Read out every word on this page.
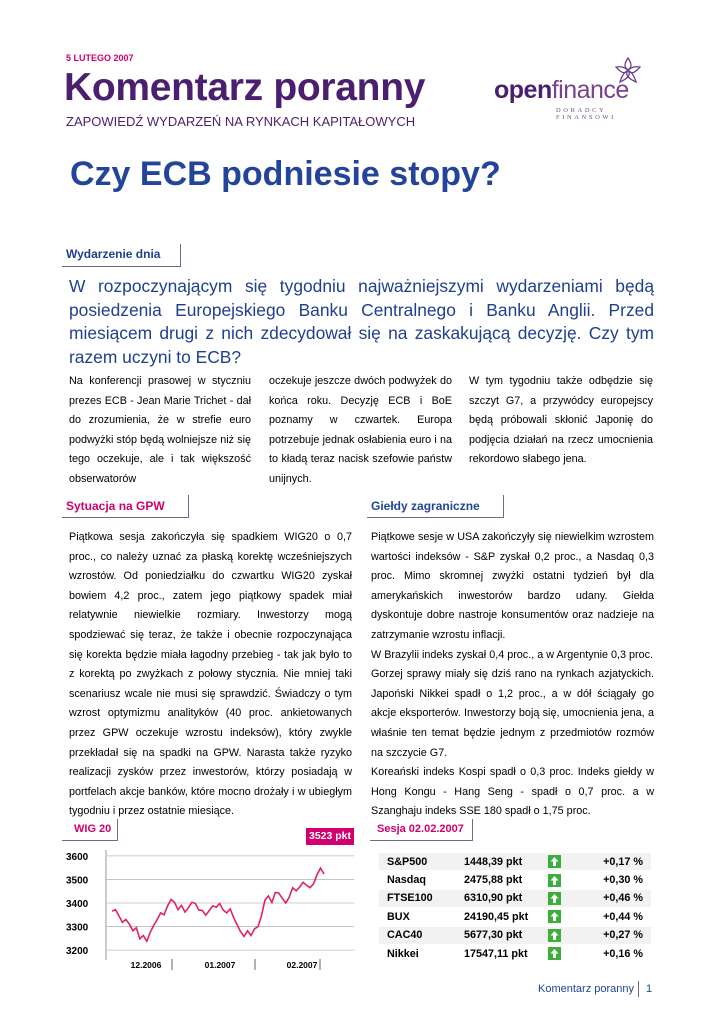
5 LUTEGO 2007
Komentarz poranny
ZAPOWIEDŹ WYDARZEŃ NA RYNKACH KAPITAŁOWYCH
openfinance
DORADCY FINANSOWI
Czy ECB podniesie stopy?
Wydarzenie dnia
W rozpoczynającym się tygodniu najważniejszymi wydarzeniami będą posiedzenia Europejskiego Banku Centralnego i Banku Anglii. Przed miesiącem drugi z nich zdecydował się na zaskakującą decyzję. Czy tym razem uczyni to ECB?
Na konferencji prasowej w styczniu prezes ECB - Jean Marie Trichet - dał do zrozumienia, że w strefie euro podwyżki stóp będą wolniejsze niż się tego oczekuje, ale i tak większość obserwatorów
oczekuje jeszcze dwóch podwyżek do końca roku. Decyzję ECB i BoE poznamy w czwartek. Europa potrzebuje jednak osłabienia euro i na to kładą teraz nacisk szefowie państw unijnych.
W tym tygodniu także odbędzie się szczyt G7, a przywódcy europejscy będą próbowali skłonić Japonię do podjęcia działań na rzecz umocnienia rekordowo słabego jena.
Sytuacja na GPW
Piątkowa sesja zakończyła się spadkiem WIG20 o 0,7 proc., co należy uznać za płaską korektę wcześniejszych wzrostów. Od poniedziałku do czwartku WIG20 zyskał bowiem 4,2 proc., zatem jego piątkowy spadek miał relatywnie niewielkie rozmiary. Inwestorzy mogą spodziewać się teraz, że także i obecnie rozpoczynająca się korekta będzie miała łagodny przebieg - tak jak było to z korektą po zwyżkach z połowy stycznia. Nie mniej taki scenariusz wcale nie musi się sprawdzić. Świadczy o tym wzrost optymizmu analityków (40 proc. ankietowanych przez GPW oczekuje wzrostu indeksów), który zwykle przekładał się na spadki na GPW. Narasta także ryzyko realizacji zysków przez inwestorów, którzy posiadają w portfelach akcje banków, które mocno drożały i w ubiegłym tygodniu i przez ostatnie miesiące.
Giełdy zagraniczne
Piątkowe sesje w USA zakończyły się niewielkim wzrostem wartości indeksów - S&P zyskał 0,2 proc., a Nasdaq 0,3 proc. Mimo skromnej zwyżki ostatni tydzień był dla amerykańskich inwestorów bardzo udany. Giełda dyskontuje dobre nastroje konsumentów oraz nadzieje na zatrzymanie wzrostu inflacji.
W Brazylii indeks zyskał 0,4 proc., a w Argentynie 0,3 proc.
Gorzej sprawy miały się dziś rano na rynkach azjatyckich. Japoński Nikkei spadł o 1,2 proc., a w dół ściągały go akcje eksporterów. Inwestorzy boją się, umocnienia jena, a właśnie ten temat będzie jednym z przedmiotów rozmów na szczycie G7.
Koreański indeks Kospi spadł o 0,3 proc. Indeks giełdy w Hong Kongu - Hang Seng - spadł o 0,7 proc. a w Szanghaju indeks SSE 180 spadł o 1,75 proc.
WIG 20
3523 pkt
3600
3500
3400
3300
3200
12.2006	01.2007	02.2007
Sesja 02.02.2007
S&P500	1448,39 pkt		+0,17 %
Nasdaq	2475,88 pkt		+0,30 %
FTSE100	6310,90 pkt		+0,46 %
BUX	24190,45 pkt		+0,44 %
CAC40	5677,30 pkt		+0,27 %
Nikkei	17547,11 pkt		+0,16 %
Komentarz poranny 1
